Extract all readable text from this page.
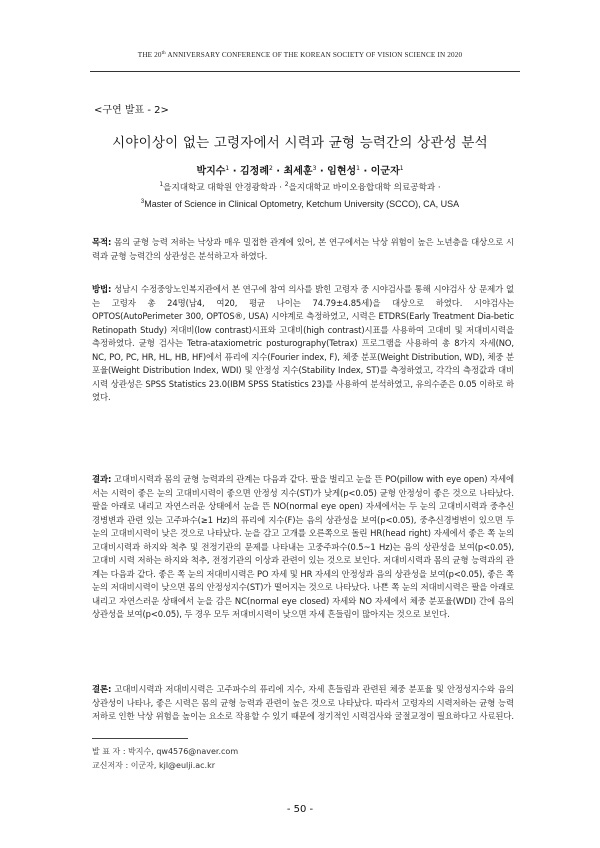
THE 20th ANNIVERSARY CONFERENCE OF THE KOREAN SOCIETY OF VISION SCIENCE IN 2020
<구연 발표 - 2>
시야이상이 없는 고령자에서 시력과 균형 능력간의 상관성 분석
박지수$^1$ · 김정례$^2$ · 최세훈$^3$ · 임현성$^1$ · 이군자$^1$
$^1$을지대학교 대학원 안경광학과 · $^2$을지대학교 바이오융합대학 의료공학과 ·
$^3$Master of Science in Clinical Optometry, Ketchum University (SCCO), CA, USA
목적: 몸의 균형 능력 저하는 낙상과 매우 밀접한 관계에 있어, 본 연구에서는 낙상 위험이 높은 노년층을 대상으로 시력과 균형 능력간의 상관성은 분석하고자 하였다.
방법: 성남시 수정중앙노인복지관에서 본 연구에 참여 의사를 밝힌 고령자 중 시야검사를 통해 시야검사 상 문제가 없는 고령자 총 24명(남4, 여20, 평균 나이는 74.79±4.85세)을 대상으로 하였다. 시야검사는 OPTOS(AutoPerimeter 300, OPTOS®, USA) 시야계로 측정하였고, 시력은 ETDRS(Early Treatment Dia-betic Retinopath Study) 저대비(low contrast)시표와 고대비(high contrast)시표를 사용하여 고대비 및 저대비시력을 측정하였다. 균형 검사는 Tetra-ataxiometric posturography(Tetrax) 프로그램을 사용하여 총 8가지 자세(NO, NC, PO, PC, HR, HL, HB, HF)에서 퓨리에 지수(Fourier index, F), 체중 분포(Weight Distribution, WD), 체중 분포율(Weight Distribution Index, WDI) 및 안정성 지수(Stability Index, ST)를 측정하였고, 각각의 측정값과 대비시력 상관성은 SPSS Statistics 23.0(IBM SPSS Statistics 23)를 사용하여 분석하였고, 유의수준은 0.05 이하로 하였다.
결과: 고대비시력과 몸의 균형 능력과의 관계는 다음과 같다. 팔을 벌리고 눈을 뜬 PO(pillow with eye open) 자세에서는 시력이 좋은 눈의 고대비시력이 좋으면 안정성 지수(ST)가 낮게(p<0.05) 균형 안정성이 좋은 것으로 나타났다. 팔을 아래로 내리고 자연스러운 상태에서 눈을 뜬 NO(normal eye open) 자세에서는 두 눈의 고대비시력과 중추신경병변과 관련 있는 고주파수(≥1 Hz)의 퓨리에 지수(F)는 음의 상관성을 보여(p<0.05), 중추신경병변이 있으면 두 눈의 고대비시력이 낮은 것으로 나타났다. 눈을 감고 고개를 오른쪽으로 돌린 HR(head right) 자세에서 좋은 쪽 눈의 고대비시력과 하지와 척추 및 전정기관의 문제를 나타내는 고중주파수(0.5~1 Hz)는 음의 상관성을 보여(p<0.05), 고대비 시력 저하는 하지와 척추, 전정기관의 이상과 관련이 있는 것으로 보인다. 저대비시력과 몸의 균형 능력과의 관계는 다음과 같다. 좋은 쪽 눈의 저대비시력은 PO 자세 및 HR 자세의 안정성과 음의 상관성을 보여(p<0.05), 좋은 쪽 눈의 저대비시력이 낮으면 몸의 안정성지수(ST)가 떨어지는 것으로 나타났다. 나쁜 쪽 눈의 저대비시력은 팔을 아래로 내리고 자연스러운 상태에서 눈을 감은 NC(normal eye closed) 자세와 NO 자세에서 체중 분포율(WDI) 간에 음의 상관성을 보여(p<0.05), 두 경우 모두 저대비시력이 낮으면 자세 흔들림이 많아지는 것으로 보인다.
결론: 고대비시력과 저대비시력은 고주파수의 퓨리에 지수, 자세 흔들림과 관련된 체중 분포율 및 안정성지수와 음의 상관성이 나타나, 좋은 시력은 몸의 균형 능력과 관련이 높은 것으로 나타났다. 따라서 고령자의 시력저하는 균형 능력 저하로 인한 낙상 위험을 높이는 요소로 작용할 수 있기 때문에 정기적인 시력검사와 굴절교정이 필요하다고 사료된다.
발 표 자 : 박지수, qw4576@naver.com
교신저자 : 이군자, kjl@eulji.ac.kr
- 50 -
